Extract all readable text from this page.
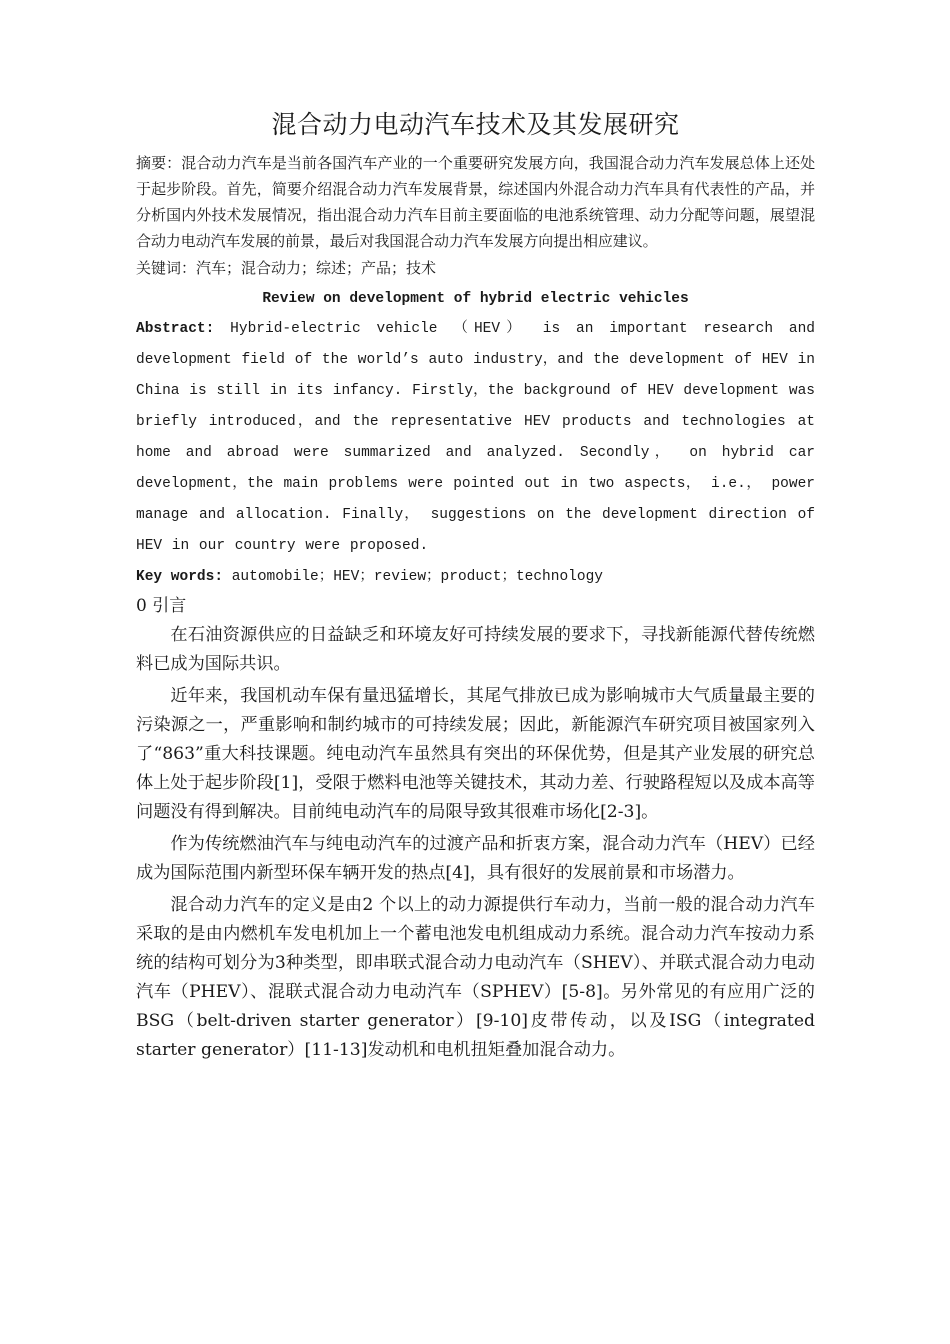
混合动力电动汽车技术及其发展研究

摘要：混合动力汽车是当前各国汽车产业的一个重要研究发展方向，我国混合动力汽车发展总体上还处于起步阶段。首先，简要介绍混合动力汽车发展背景，综述国内外混合动力汽车具有代表性的产品，并分析国内外技术发展情况，指出混合动力汽车目前主要面临的电池系统管理、动力分配等问题，展望混合动力电动汽车发展的前景，最后对我国混合动力汽车发展方向提出相应建议。

关键词：汽车；混合动力；综述；产品；技术

Review on development of hybrid electric vehicles

Abstract: Hybrid-electric vehicle （HEV） is an important research and development field of the world’s auto industry，and the development of HEV in China is still in its infancy. Firstly，the background of HEV development was briefly introduced，and the representative HEV products and technologies at home and abroad were summarized and analyzed. Secondly， on hybrid car development，the main problems were pointed out in two aspects， i.e.， power manage and allocation. Finally， suggestions on the development direction of HEV in our country were proposed.

Key words: automobile；HEV；review；product；technology

0 引言

在石油资源供应的日益缺乏和环境友好可持续发展的要求下，寻找新能源代替传统燃料已成为国际共识。

近年来，我国机动车保有量迅猛增长，其尾气排放已成为影响城市大气质量最主要的污染源之一，严重影响和制约城市的可持续发展；因此，新能源汽车研究项目被国家列入了“863”重大科技课题。纯电动汽车虽然具有突出的环保优势，但是其产业发展的研究总体上处于起步阶段[1]，受限于燃料电池等关键技术，其动力差、行驶路程短以及成本高等问题没有得到解决。目前纯电动汽车的局限导致其很难市场化[2-3]。

作为传统燃油汽车与纯电动汽车的过渡产品和折衷方案，混合动力汽车（HEV）已经成为国际范围内新型环保车辆开发的热点[4]，具有很好的发展前景和市场潜力。

混合动力汽车的定义是由2 个以上的动力源提供行车动力，当前一般的混合动力汽车采取的是由内燃机车发电机加上一个蓄电池发电机组成动力系统。混合动力汽车按动力系统的结构可划分为3种类型，即串联式混合动力电动汽车（SHEV）、并联式混合动力电动汽车（PHEV）、混联式混合动力电动汽车（SPHEV）[5-8]。另外常见的有应用广泛的BSG（belt-driven starter generator）[9-10]皮带传动，以及ISG（integrated starter generator）[11-13]发动机和电机扭矩叠加混合动力。
